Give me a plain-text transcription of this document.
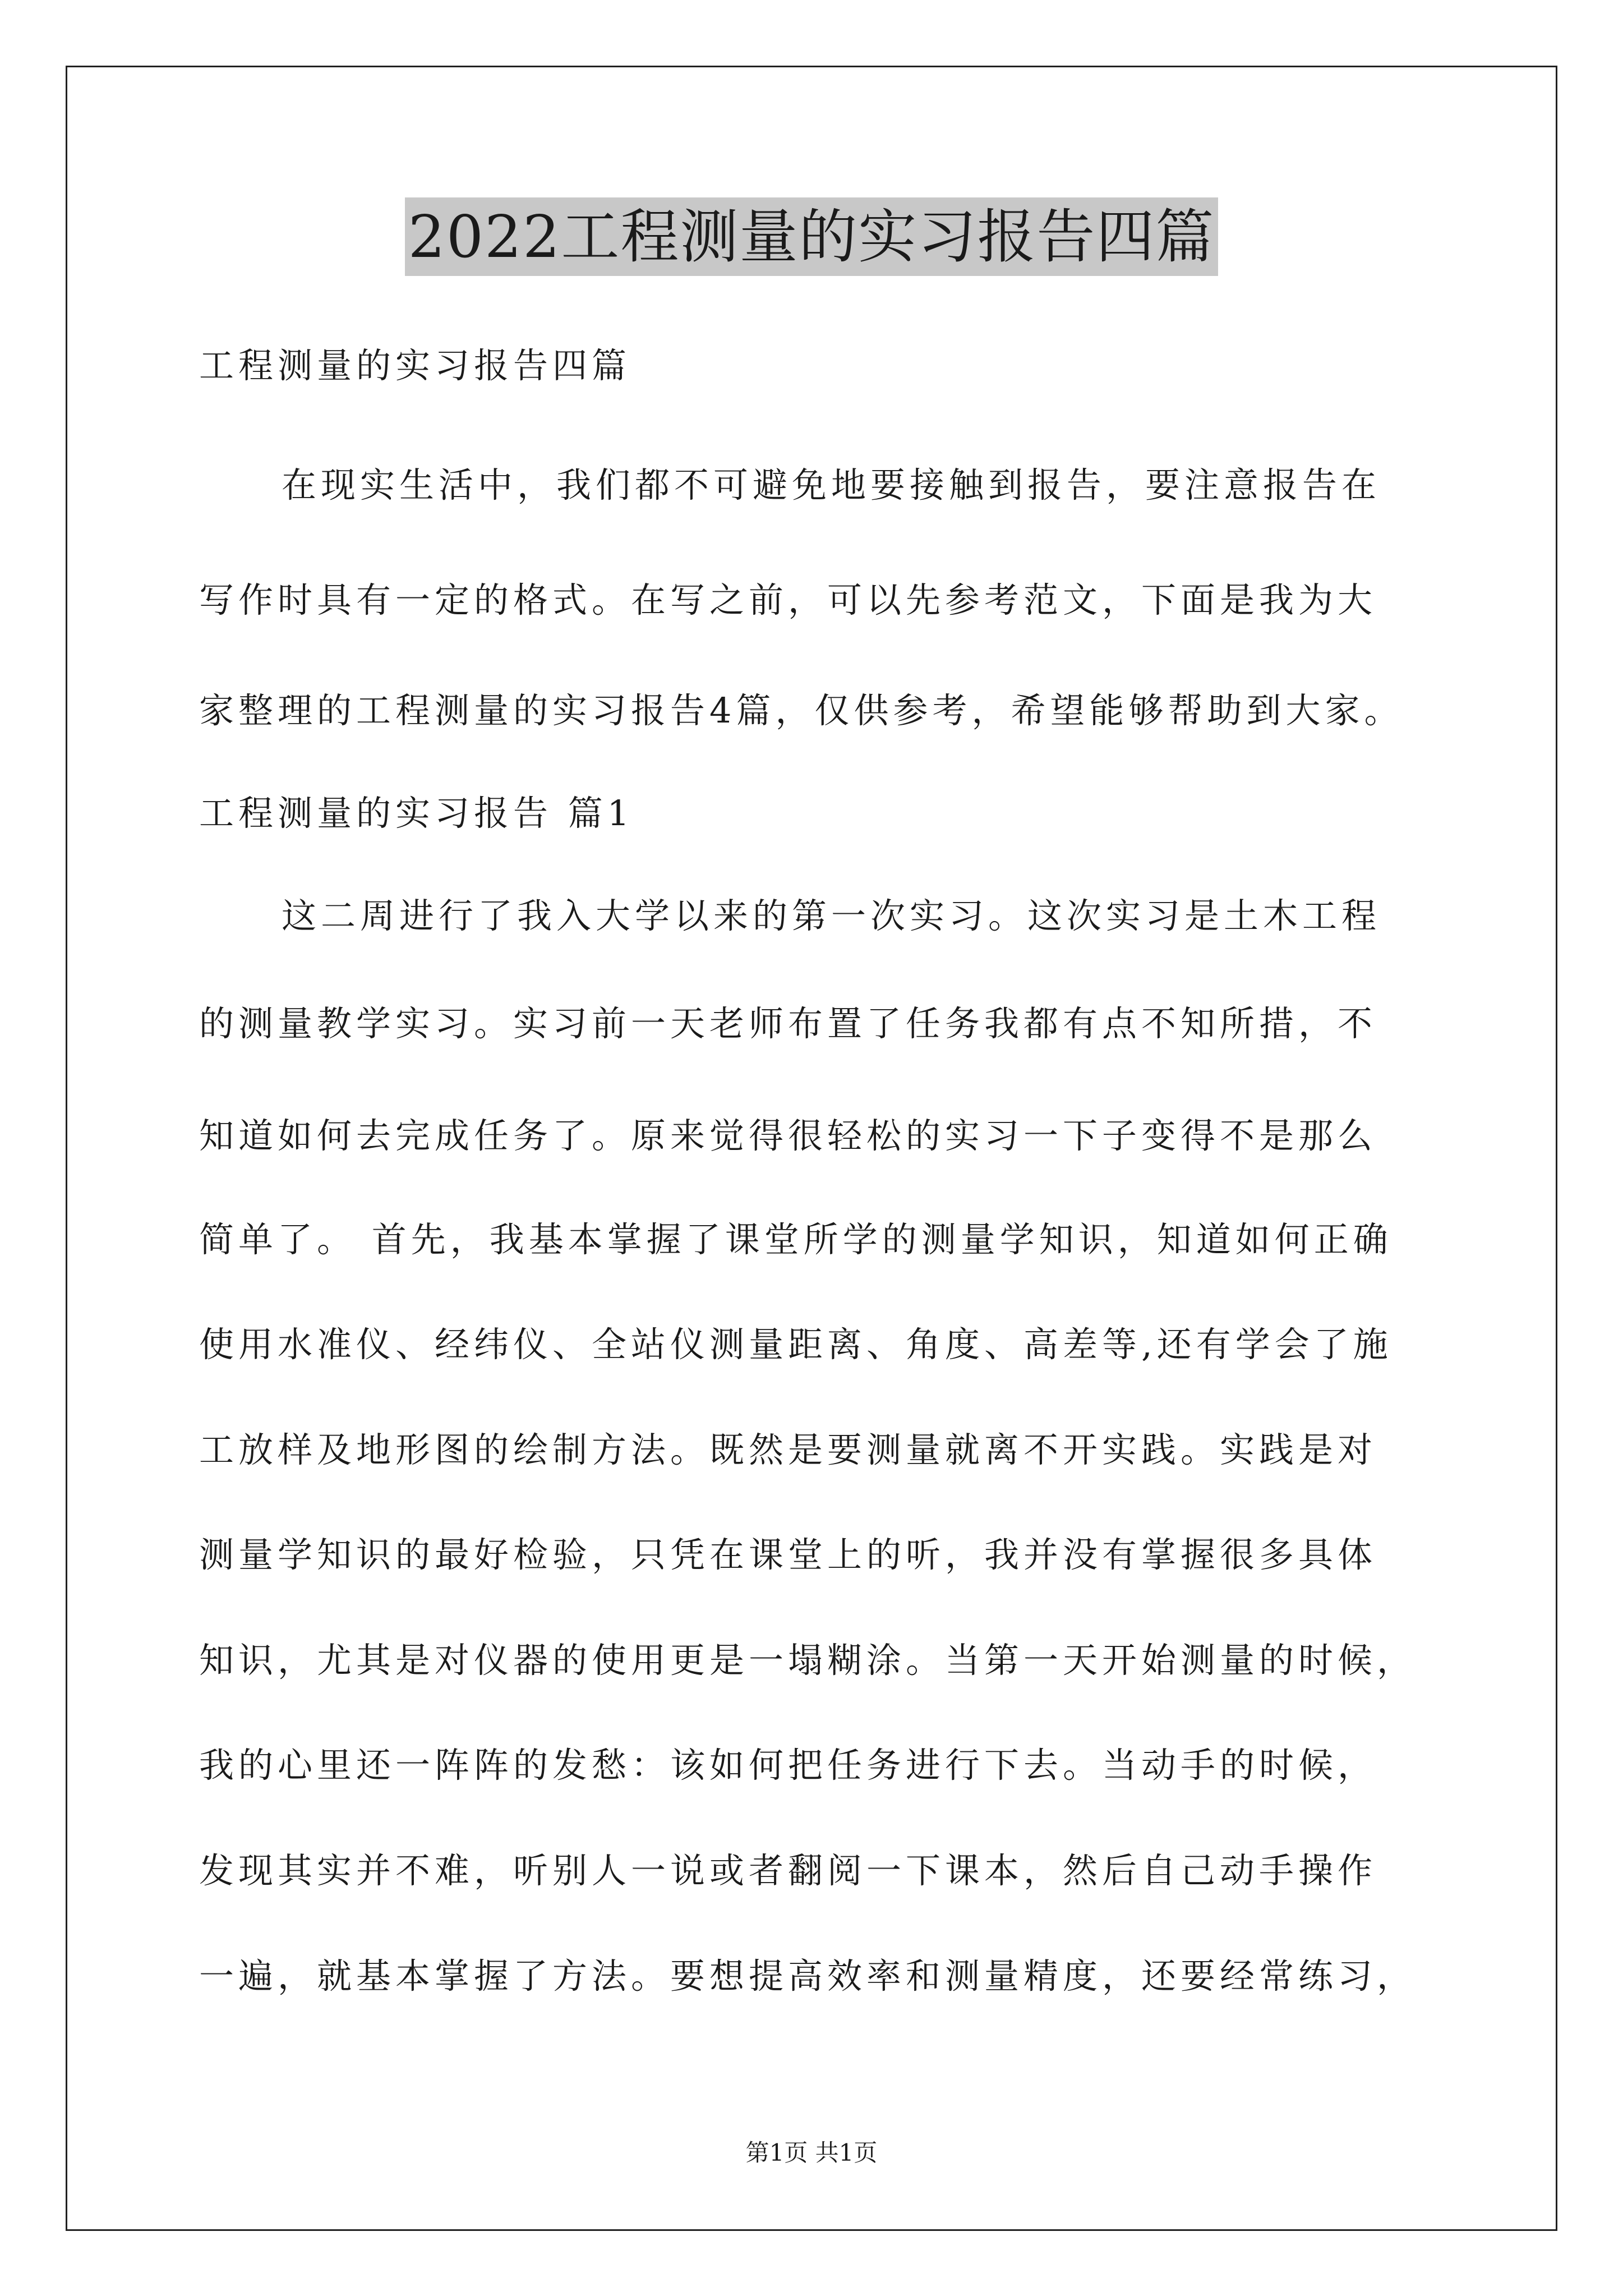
2022工程测量的实习报告四篇

工程测量的实习报告四篇

在现实生活中，我们都不可避免地要接触到报告，要注意报告在

写作时具有一定的格式。在写之前，可以先参考范文，下面是我为大

家整理的工程测量的实习报告4篇，仅供参考，希望能够帮助到大家。

工程测量的实习报告 篇1

这二周进行了我入大学以来的第一次实习。这次实习是土木工程

的测量教学实习。实习前一天老师布置了任务我都有点不知所措，不

知道如何去完成任务了。原来觉得很轻松的实习一下子变得不是那么

简单了。 首先，我基本掌握了课堂所学的测量学知识，知道如何正确

使用水准仪、经纬仪、全站仪测量距离、角度、高差等,还有学会了施

工放样及地形图的绘制方法。既然是要测量就离不开实践。实践是对

测量学知识的最好检验，只凭在课堂上的听，我并没有掌握很多具体

知识，尤其是对仪器的使用更是一塌糊涂。当第一天开始测量的时候，

我的心里还一阵阵的发愁：该如何把任务进行下去。当动手的时候，

发现其实并不难，听别人一说或者翻阅一下课本，然后自己动手操作

一遍，就基本掌握了方法。要想提高效率和测量精度，还要经常练习，

第1页 共1页
